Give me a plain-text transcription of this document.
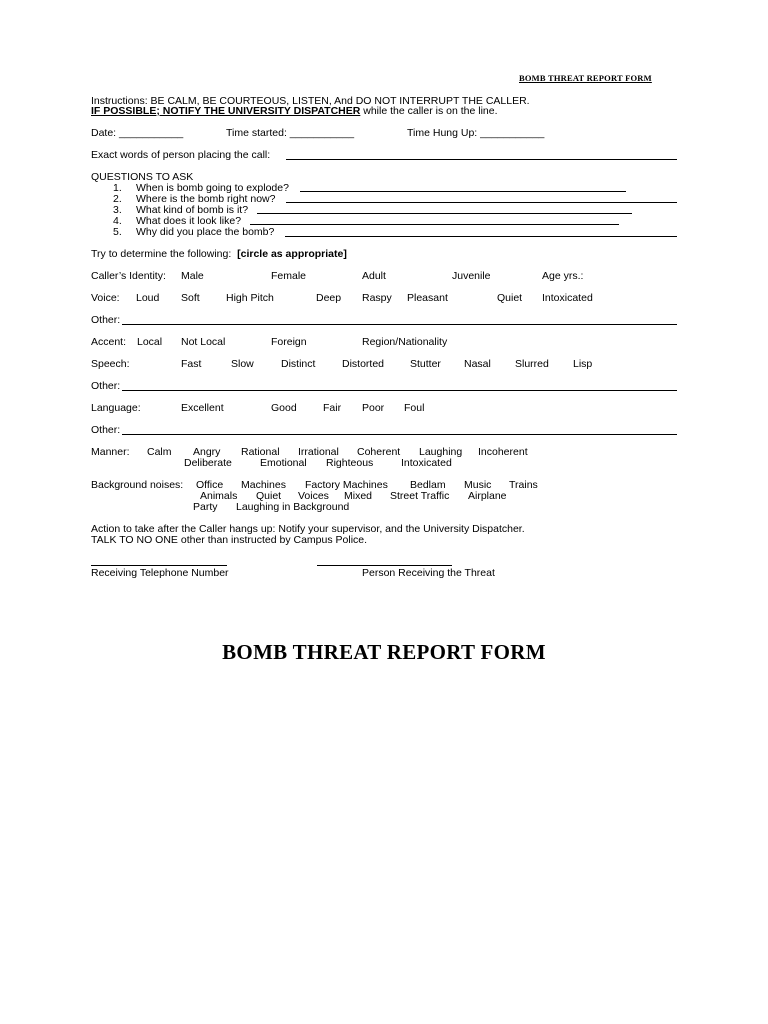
BOMB THREAT REPORT FORM
Instructions: BE CALM, BE COURTEOUS, LISTEN, And DO NOT INTERRUPT THE CALLER.
IF POSSIBLE; NOTIFY THE UNIVERSITY DISPATCHER while the caller is on the line.
Date: ___________	Time started: ___________	Time Hung Up: ___________
Exact words of person placing the call:
QUESTIONS TO ASK
1. When is bomb going to explode?
2. Where is the bomb right now?
3. What kind of bomb is it?
4. What does it look like?
5. Why did you place the bomb?
Try to determine the following: [circle as appropriate]
Caller’s Identity: Male	Female	Adult	Juvenile	Age yrs.:
Voice: Loud Soft	High Pitch	Deep Raspy Pleasant	Quiet Intoxicated
Other:
Accent: Local Not Local	Foreign	Region/Nationality
Speech:	Fast	Slow	Distinct	Distorted Stutter Nasal Slurred Lisp
Other:
Language:	Excellent	Good	Fair Poor Foul
Other:
Manner: Calm Angry Rational Irrational Coherent Laughing Incoherent
Deliberate	Emotional Righteous	Intoxicated
Background noises: Office Machines Factory Machines Bedlam Music Trains
Animals Quiet Voices Mixed Street Traffic Airplane
Party Laughing in Background
Action to take after the Caller hangs up: Notify your supervisor, and the University Dispatcher.
TALK TO NO ONE other than instructed by Campus Police.
Receiving Telephone Number	Person Receiving the Threat
BOMB THREAT REPORT FORM
